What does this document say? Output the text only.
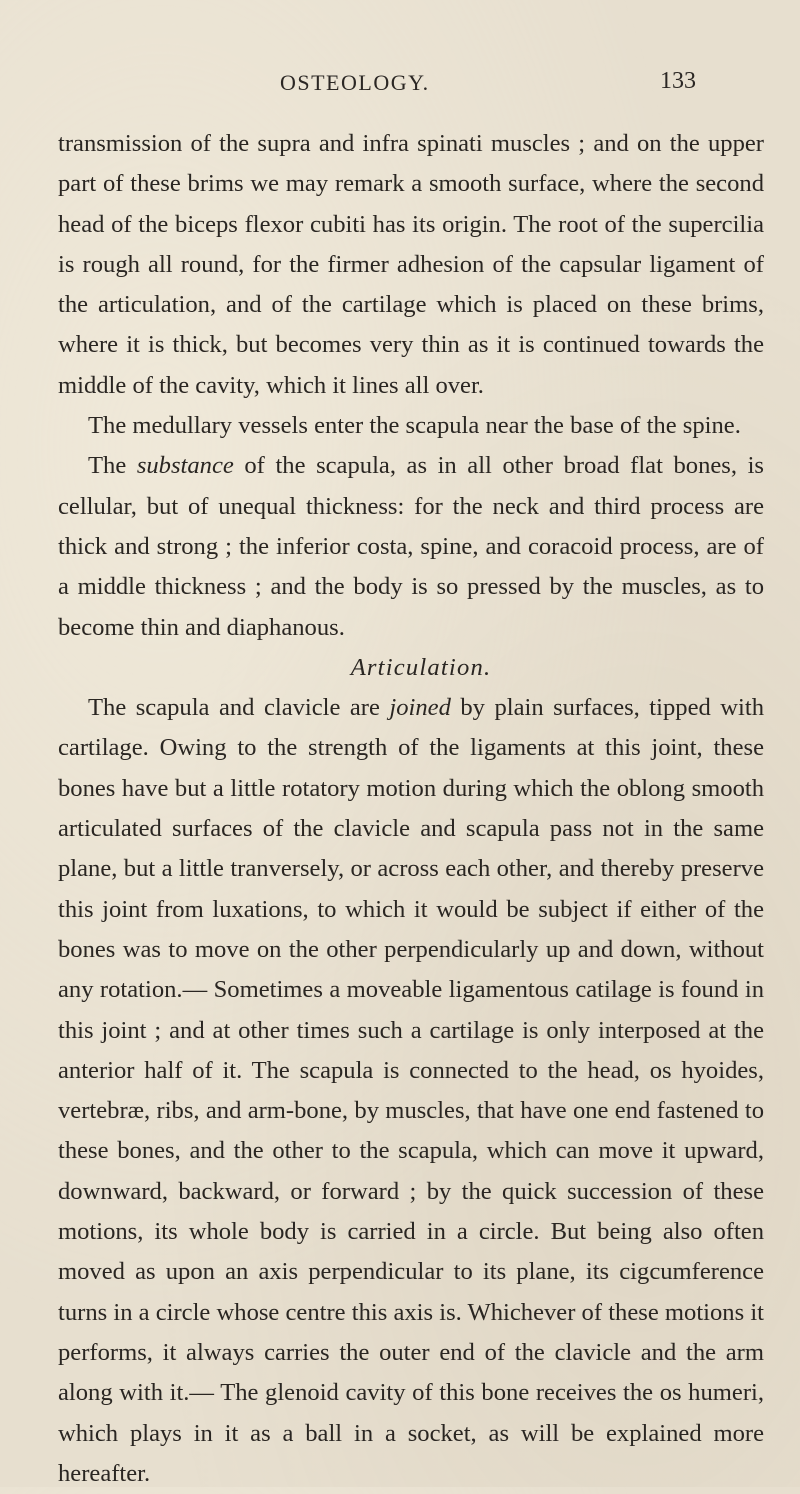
OSTEOLOGY.	133

transmission of the supra and infra spinati muscles ; and on the upper part of these brims we may remark a smooth surface, where the second head of the biceps flexor cubiti has its origin. The root of the supercilia is rough all round, for the firmer adhesion of the capsular ligament of the articulation, and of the cartilage which is placed on these brims, where it is thick, but becomes very thin as it is continued towards the middle of the cavity, which it lines all over.

The medullary vessels enter the scapula near the base of the spine.

The substance of the scapula, as in all other broad flat bones, is cellular, but of unequal thickness: for the neck and third process are thick and strong ; the inferior costa, spine, and coracoid process, are of a middle thickness ; and the body is so pressed by the muscles, as to become thin and diaphanous.

Articulation.

The scapula and clavicle are joined by plain surfaces, tipped with cartilage. Owing to the strength of the ligaments at this joint, these bones have but a little rotatory motion during which the oblong smooth articulated surfaces of the clavicle and scapula pass not in the same plane, but a little tranversely, or across each other, and thereby preserve this joint from luxations, to which it would be subject if either of the bones was to move on the other perpendicularly up and down, without any rotation.— Sometimes a moveable ligamentous catilage is found in this joint ; and at other times such a cartilage is only interposed at the anterior half of it. The scapula is connected to the head, os hyoides, vertebræ, ribs, and arm-bone, by muscles, that have one end fastened to these bones, and the other to the scapula, which can move it upward, downward, backward, or forward ; by the quick succession of these motions, its whole body is carried in a circle. But being also often moved as upon an axis perpendicular to its plane, its cigcumference turns in a circle whose centre this axis is. Whichever of these motions it performs, it always carries the outer end of the clavicle and the arm along with it.— The glenoid cavity of this bone receives the os humeri, which plays in it as a ball in a socket, as will be explained more hereafter.
